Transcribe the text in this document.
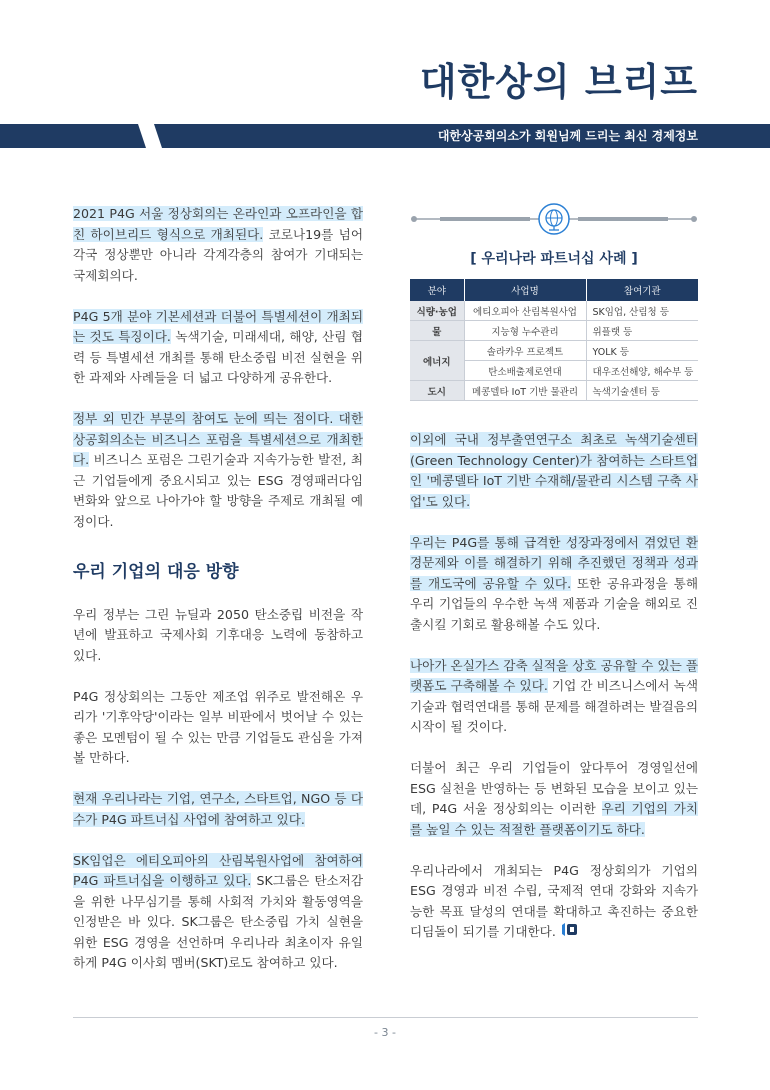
대한상의 브리프
대한상공회의소가 회원님께 드리는 최신 경제정보

2021 P4G 서울 정상회의는 온라인과 오프라인을 합친 하이브리드 형식으로 개최된다. 코로나19를 넘어 각국 정상뿐만 아니라 각계각층의 참여가 기대되는 국제회의다.

P4G 5개 분야 기본세션과 더불어 특별세션이 개최되는 것도 특징이다. 녹색기술, 미래세대, 해양, 산림 협력 등 특별세션 개최를 통해 탄소중립 비전 실현을 위한 과제와 사례들을 더 넓고 다양하게 공유한다.

정부 외 민간 부분의 참여도 눈에 띄는 점이다. 대한상공회의소는 비즈니스 포럼을 특별세션으로 개최한다. 비즈니스 포럼은 그린기술과 지속가능한 발전, 최근 기업들에게 중요시되고 있는 ESG 경영패러다임 변화와 앞으로 나아가야 할 방향을 주제로 개최될 예정이다.

우리 기업의 대응 방향

우리 정부는 그린 뉴딜과 2050 탄소중립 비전을 작년에 발표하고 국제사회 기후대응 노력에 동참하고 있다.

P4G 정상회의는 그동안 제조업 위주로 발전해온 우리가 '기후악당'이라는 일부 비판에서 벗어날 수 있는 좋은 모멘텀이 될 수 있는 만큼 기업들도 관심을 가져볼 만하다.

현재 우리나라는 기업, 연구소, 스타트업, NGO 등 다수가 P4G 파트너십 사업에 참여하고 있다.

SK임업은 에티오피아의 산림복원사업에 참여하여 P4G 파트너십을 이행하고 있다. SK그룹은 탄소저감을 위한 나무심기를 통해 사회적 가치와 활동영역을 인정받은 바 있다. SK그룹은 탄소중립 가치 실현을 위한 ESG 경영을 선언하며 우리나라 최초이자 유일하게 P4G 이사회 멤버(SKT)로도 참여하고 있다.

[ 우리나라 파트너십 사례 ]
분야	사업명	참여기관
식량·농업	에티오피아 산림복원사업	SK임업, 산림청 등
물	지능형 누수관리	위플랫 등
에너지	솔라카우 프로젝트	YOLK 등
	탄소배출제로연대	대우조선해양, 해수부 등
도시	메콩델타 IoT 기반 물관리	녹색기술센터 등

이외에 국내 정부출연연구소 최초로 녹색기술센터(Green Technology Center)가 참여하는 스타트업인 '메콩델타 IoT 기반 수재해/물관리 시스템 구축 사업'도 있다.

우리는 P4G를 통해 급격한 성장과정에서 겪었던 환경문제와 이를 해결하기 위해 추진했던 정책과 성과를 개도국에 공유할 수 있다. 또한 공유과정을 통해 우리 기업들의 우수한 녹색 제품과 기술을 해외로 진출시킬 기회로 활용해볼 수도 있다.

나아가 온실가스 감축 실적을 상호 공유할 수 있는 플랫폼도 구축해볼 수 있다. 기업 간 비즈니스에서 녹색기술과 협력연대를 통해 문제를 해결하려는 발걸음의 시작이 될 것이다.

더불어 최근 우리 기업들이 앞다투어 경영일선에 ESG 실천을 반영하는 등 변화된 모습을 보이고 있는데, P4G 서울 정상회의는 이러한 우리 기업의 가치를 높일 수 있는 적절한 플랫폼이기도 하다.

우리나라에서 개최되는 P4G 정상회의가 기업의 ESG 경영과 비전 수립, 국제적 연대 강화와 지속가능한 목표 달성의 연대를 확대하고 촉진하는 중요한 디딤돌이 되기를 기대한다.

- 3 -
